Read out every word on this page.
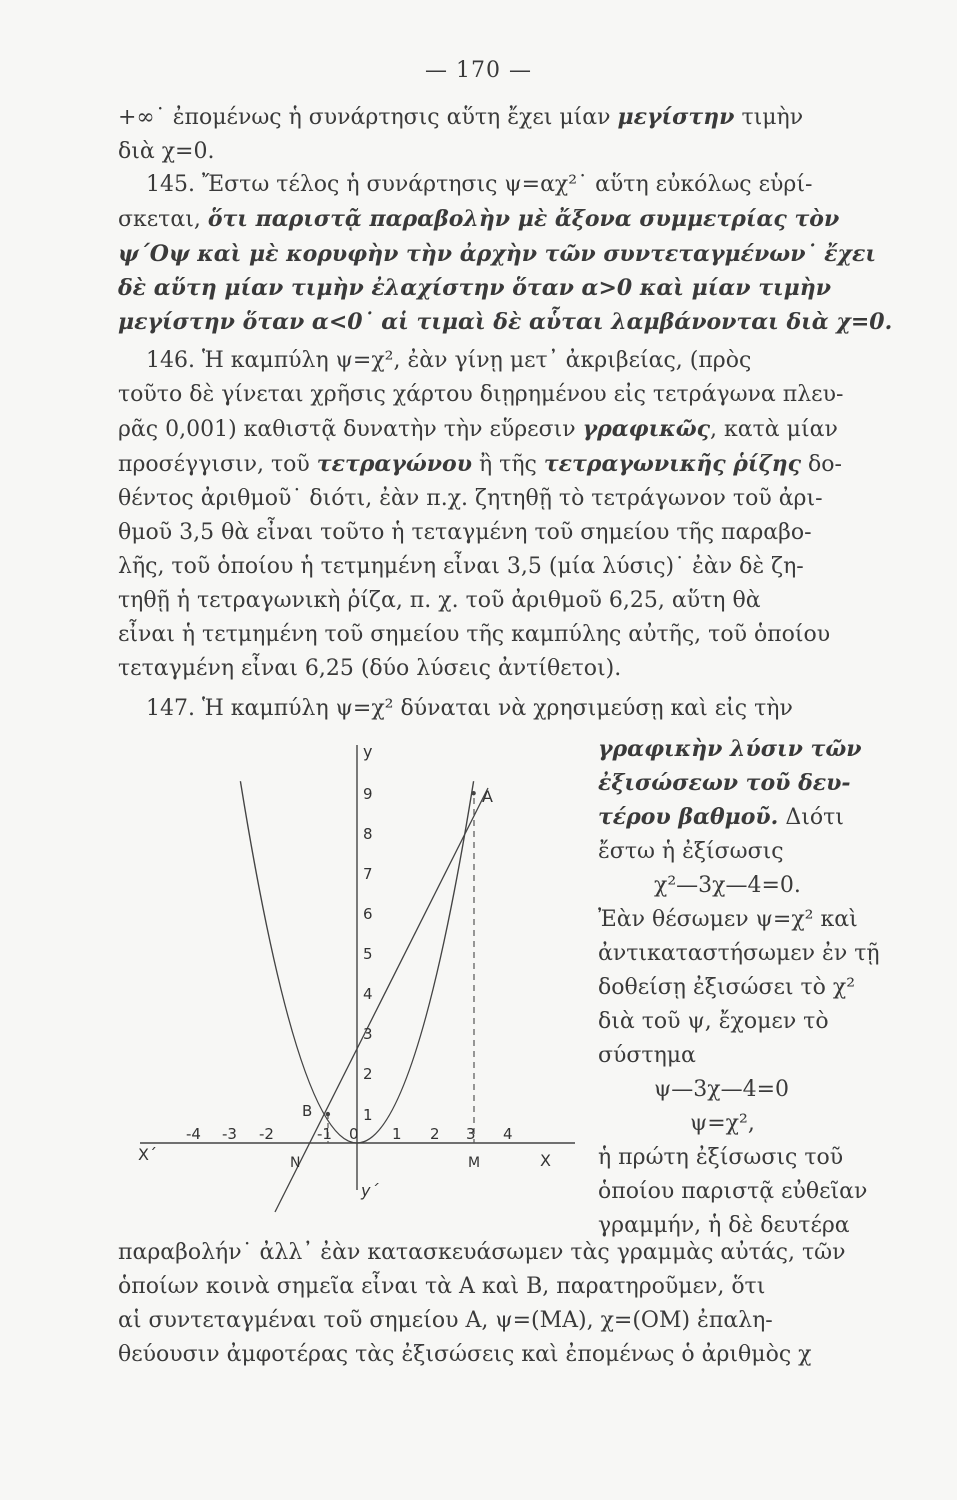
— 170 —
+∞˙ ἐπομένως ἡ συνάρτησις αὕτη ἔχει μίαν μεγίστην τιμὴν
διὰ χ=0.
145. Ἔστω τέλος ἡ συνάρτησις ψ=αχ²˙ αὕτη εὐκόλως εὑρί-
σκεται, ὅτι παριστᾷ παραβολὴν μὲ ἄξονα συμμετρίας τὸν
ψ΄Oψ καὶ μὲ κορυφὴν τὴν ἀρχὴν τῶν συντεταγμένων˙ ἔχει
δὲ αὕτη μίαν τιμὴν ἐλαχίστην ὅταν α>0 καὶ μίαν τιμὴν
μεγίστην ὅταν α<0˙ αἱ τιμαὶ δὲ αὗται λαμβάνονται διὰ χ=0.
146. Ἡ καμπύλη ψ=χ², ἐὰν γίνῃ μετ᾿ ἀκριβείας, (πρὸς
τοῦτο δὲ γίνεται χρῆσις χάρτου διῃρημένου εἰς τετράγωνα πλευ-
ρᾶς 0,001) καθιστᾷ δυνατὴν τὴν εὕρεσιν γραφικῶς, κατὰ μίαν
προσέγγισιν, τοῦ τετραγώνου ἢ τῆς τετραγωνικῆς ῥίζης δο-
θέντος ἀριθμοῦ˙ διότι, ἐὰν π.χ. ζητηθῇ τὸ τετράγωνον τοῦ ἀρι-
θμοῦ 3,5 θὰ εἶναι τοῦτο ἡ τεταγμένη τοῦ σημείου τῆς παραβο-
λῆς, τοῦ ὁποίου ἡ τετμημένη εἶναι 3,5 (μία λύσις)˙ ἐὰν δὲ ζη-
τηθῇ ἡ τετραγωνικὴ ῥίζα, π. χ. τοῦ ἀριθμοῦ 6,25, αὕτη θὰ
εἶναι ἡ τετμημένη τοῦ σημείου τῆς καμπύλης αὐτῆς, τοῦ ὁποίου
τεταγμένη εἶναι 6,25 (δύο λύσεις ἀντίθετοι).
147. Ἡ καμπύλη ψ=χ² δύναται νὰ χρησιμεύσῃ καὶ εἰς τὴν
γραφικὴν λύσιν τῶν
ἐξισώσεων τοῦ δευ-
τέρου βαθμοῦ. Διότι
ἔστω ἡ ἐξίσωσις
χ²—3χ—4=0.
Ἐὰν θέσωμεν ψ=χ² καὶ
ἀντικαταστήσωμεν ἐν τῇ
δοθείσῃ ἐξισώσει τὸ χ²
διὰ τοῦ ψ, ἔχομεν τὸ
σύστημα
ψ—3χ—4=0
ψ=χ²,
ἡ πρώτη ἐξίσωσις τοῦ
ὁποίου παριστᾷ εὐθεῖαν
γραμμήν, ἡ δὲ δευτέρα
-4 -3 -2	-1 0 1 2 3 4
1
2
3
4
5
6
7
8
9
y
y΄
X
X΄
A
B
N	M
παραβολήν˙ ἀλλ᾿ ἐὰν κατασκευάσωμεν τὰς γραμμὰς αὐτάς, τῶν
ὁποίων κοινὰ σημεῖα εἶναι τὰ A καὶ B, παρατηροῦμεν, ὅτι
αἱ συντεταγμέναι τοῦ σημείου A, ψ=(MA), χ=(OM) ἐπαλη-
θεύουσιν ἀμφοτέρας τὰς ἐξισώσεις καὶ ἐπομένως ὁ ἀριθμὸς χ
